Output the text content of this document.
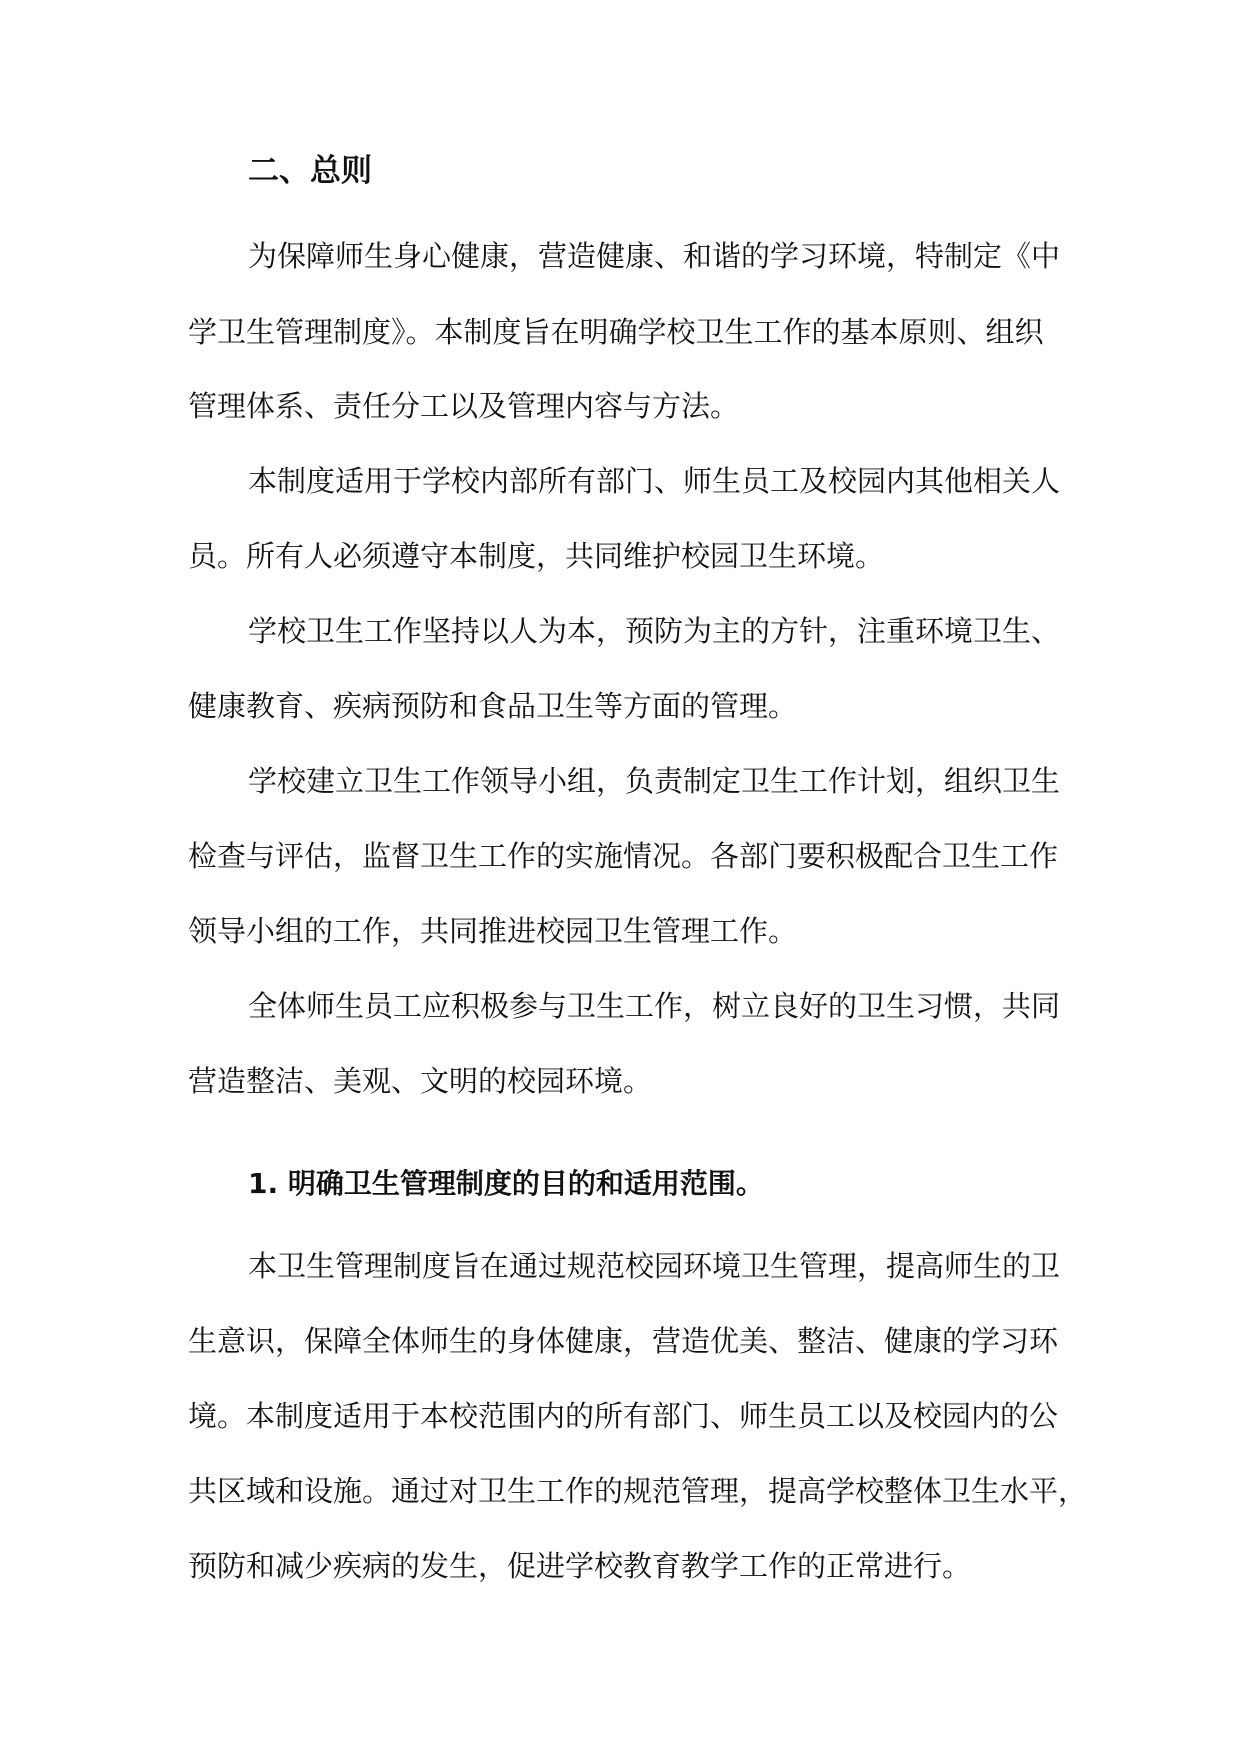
二、总则
为保障师生身心健康，营造健康、和谐的学习环境，特制定《中
学卫生管理制度》。本制度旨在明确学校卫生工作的基本原则、组织
管理体系、责任分工以及管理内容与方法。
本制度适用于学校内部所有部门、师生员工及校园内其他相关人
员。所有人必须遵守本制度，共同维护校园卫生环境。
学校卫生工作坚持以人为本，预防为主的方针，注重环境卫生、
健康教育、疾病预防和食品卫生等方面的管理。
学校建立卫生工作领导小组，负责制定卫生工作计划，组织卫生
检查与评估，监督卫生工作的实施情况。各部门要积极配合卫生工作
领导小组的工作，共同推进校园卫生管理工作。
全体师生员工应积极参与卫生工作，树立良好的卫生习惯，共同
营造整洁、美观、文明的校园环境。
1. 明确卫生管理制度的目的和适用范围。
本卫生管理制度旨在通过规范校园环境卫生管理，提高师生的卫
生意识，保障全体师生的身体健康，营造优美、整洁、健康的学习环
境。本制度适用于本校范围内的所有部门、师生员工以及校园内的公
共区域和设施。通过对卫生工作的规范管理，提高学校整体卫生水平，
预防和减少疾病的发生，促进学校教育教学工作的正常进行。
